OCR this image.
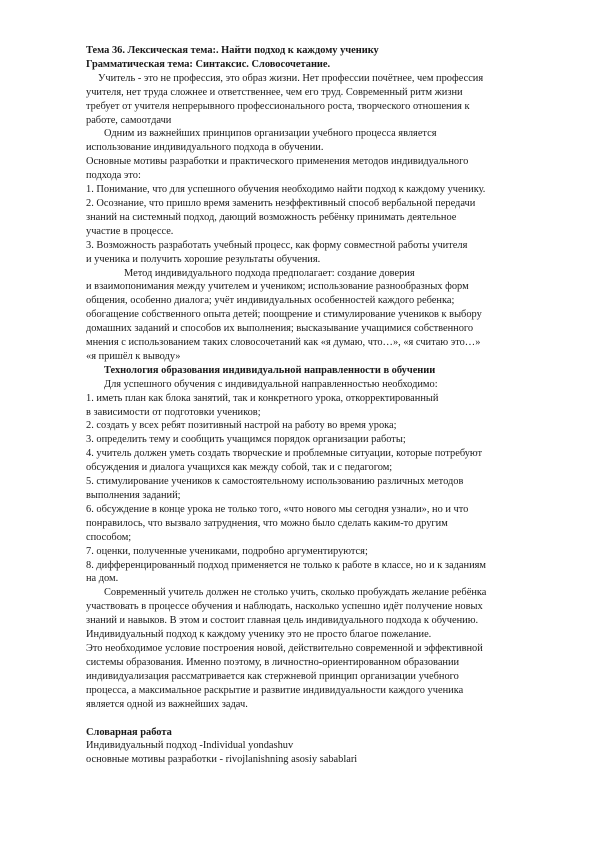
Тема 36. Лексическая тема:. Найти подход к каждому ученику
Грамматическая тема: Синтаксис. Словосочетание.
Учитель - это не профессия, это образ жизни. Нет профессии почётнее, чем профессия
учителя, нет труда сложнее и ответственнее, чем его труд. Современный ритм жизни
требует от учителя непрерывного профессионального роста, творческого отношения к
работе, самоотдачи
Одним из важнейших принципов организации учебного процесса является
использование индивидуального подхода в обучении.
Основные мотивы разработки и практического применения методов индивидуального
подхода это:
1. Понимание, что для успешного обучения необходимо найти подход к каждому ученику.
2. Осознание, что пришло время заменить неэффективный способ вербальной передачи
знаний на системный подход, дающий возможность ребёнку принимать деятельное
участие в процессе.
3. Возможность разработать учебный процесс, как форму совместной работы учителя
и ученика и получить хорошие результаты обучения.
Метод индивидуального подхода предполагает: создание доверия
и взаимопонимания между учителем и учеником; использование разнообразных форм
общения, особенно диалога; учёт индивидуальных особенностей каждого ребенка;
обогащение собственного опыта детей; поощрение и стимулирование учеников к выбору
домашних заданий и способов их выполнения; высказывание учащимися собственного
мнения с использованием таких словосочетаний как «я думаю, что…», «я считаю это…»
«я пришёл к выводу»
Технология образования индивидуальной направленности в обучении
Для успешного обучения с индивидуальной направленностью необходимо:
1. иметь план как блока занятий, так и конкретного урока, откорректированный
в зависимости от подготовки учеников;
2. создать у всех ребят позитивный настрой на работу во время урока;
3. определить тему и сообщить учащимся порядок организации работы;
4. учитель должен уметь создать творческие и проблемные ситуации, которые потребуют
обсуждения и диалога учащихся как между собой, так и с педагогом;
5. стимулирование учеников к самостоятельному использованию различных методов
выполнения заданий;
6. обсуждение в конце урока не только того, «что нового мы сегодня узнали», но и что
понравилось, что вызвало затруднения, что можно было сделать каким-то другим
способом;
7. оценки, полученные учениками, подробно аргументируются;
8. дифференцированный подход применяется не только к работе в классе, но и к заданиям
на дом.
Современный учитель должен не столько учить, сколько пробуждать желание ребёнка
участвовать в процессе обучения и наблюдать, насколько успешно идёт получение новых
знаний и навыков. В этом и состоит главная цель индивидуального подхода к обучению.
Индивидуальный подход к каждому ученику это не просто благое пожелание.
Это необходимое условие построения новой, действительно современной и эффективной
системы образования. Именно поэтому, в личностно-ориентированном образовании
индивидуализация рассматривается как стержневой принцип организации учебного
процесса, а максимальное раскрытие и развитие индивидуальности каждого ученика
является одной из важнейших задач.
Словарная работа
Индивидуальный подход -Individual yondashuv
основные мотивы разработки - rivojlanishning asosiy sabablari
